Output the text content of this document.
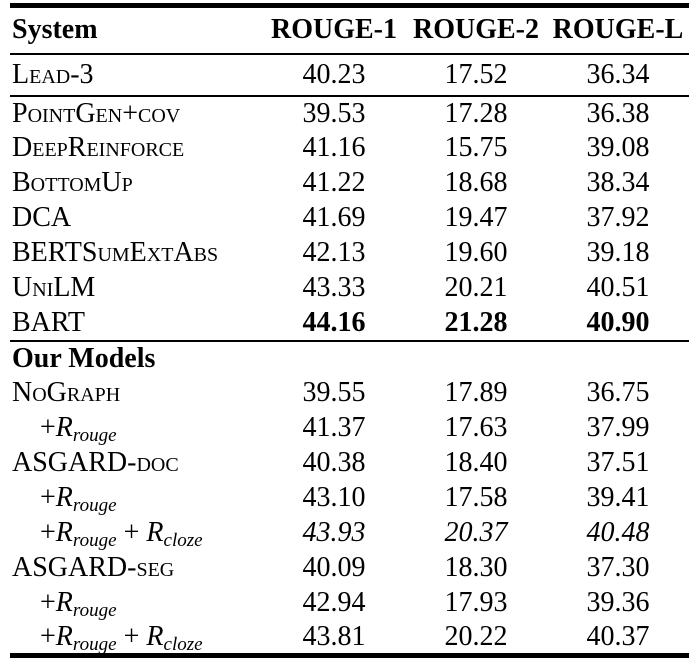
System	ROUGE-1	ROUGE-2	ROUGE-L
Lead-3	40.23	17.52	36.34
PointGen+cov	39.53	17.28	36.38
DeepReinforce	41.16	15.75	39.08
BottomUp	41.22	18.68	38.34
DCA	41.69	19.47	37.92
BERTSumExtAbs	42.13	19.60	39.18
UniLM	43.33	20.21	40.51
BART	44.16	21.28	40.90
Our Models			
NoGraph	39.55	17.89	36.75
$+R_{rouge}$	41.37	17.63	37.99
ASGARD-doc	40.38	18.40	37.51
$+R_{rouge}$	43.10	17.58	39.41
$+R_{rouge} + R_{cloze}$	43.93	20.37	40.48
ASGARD-seg	40.09	18.30	37.30
$+R_{rouge}$	42.94	17.93	39.36
$+R_{rouge} + R_{cloze}$	43.81	20.22	40.37
